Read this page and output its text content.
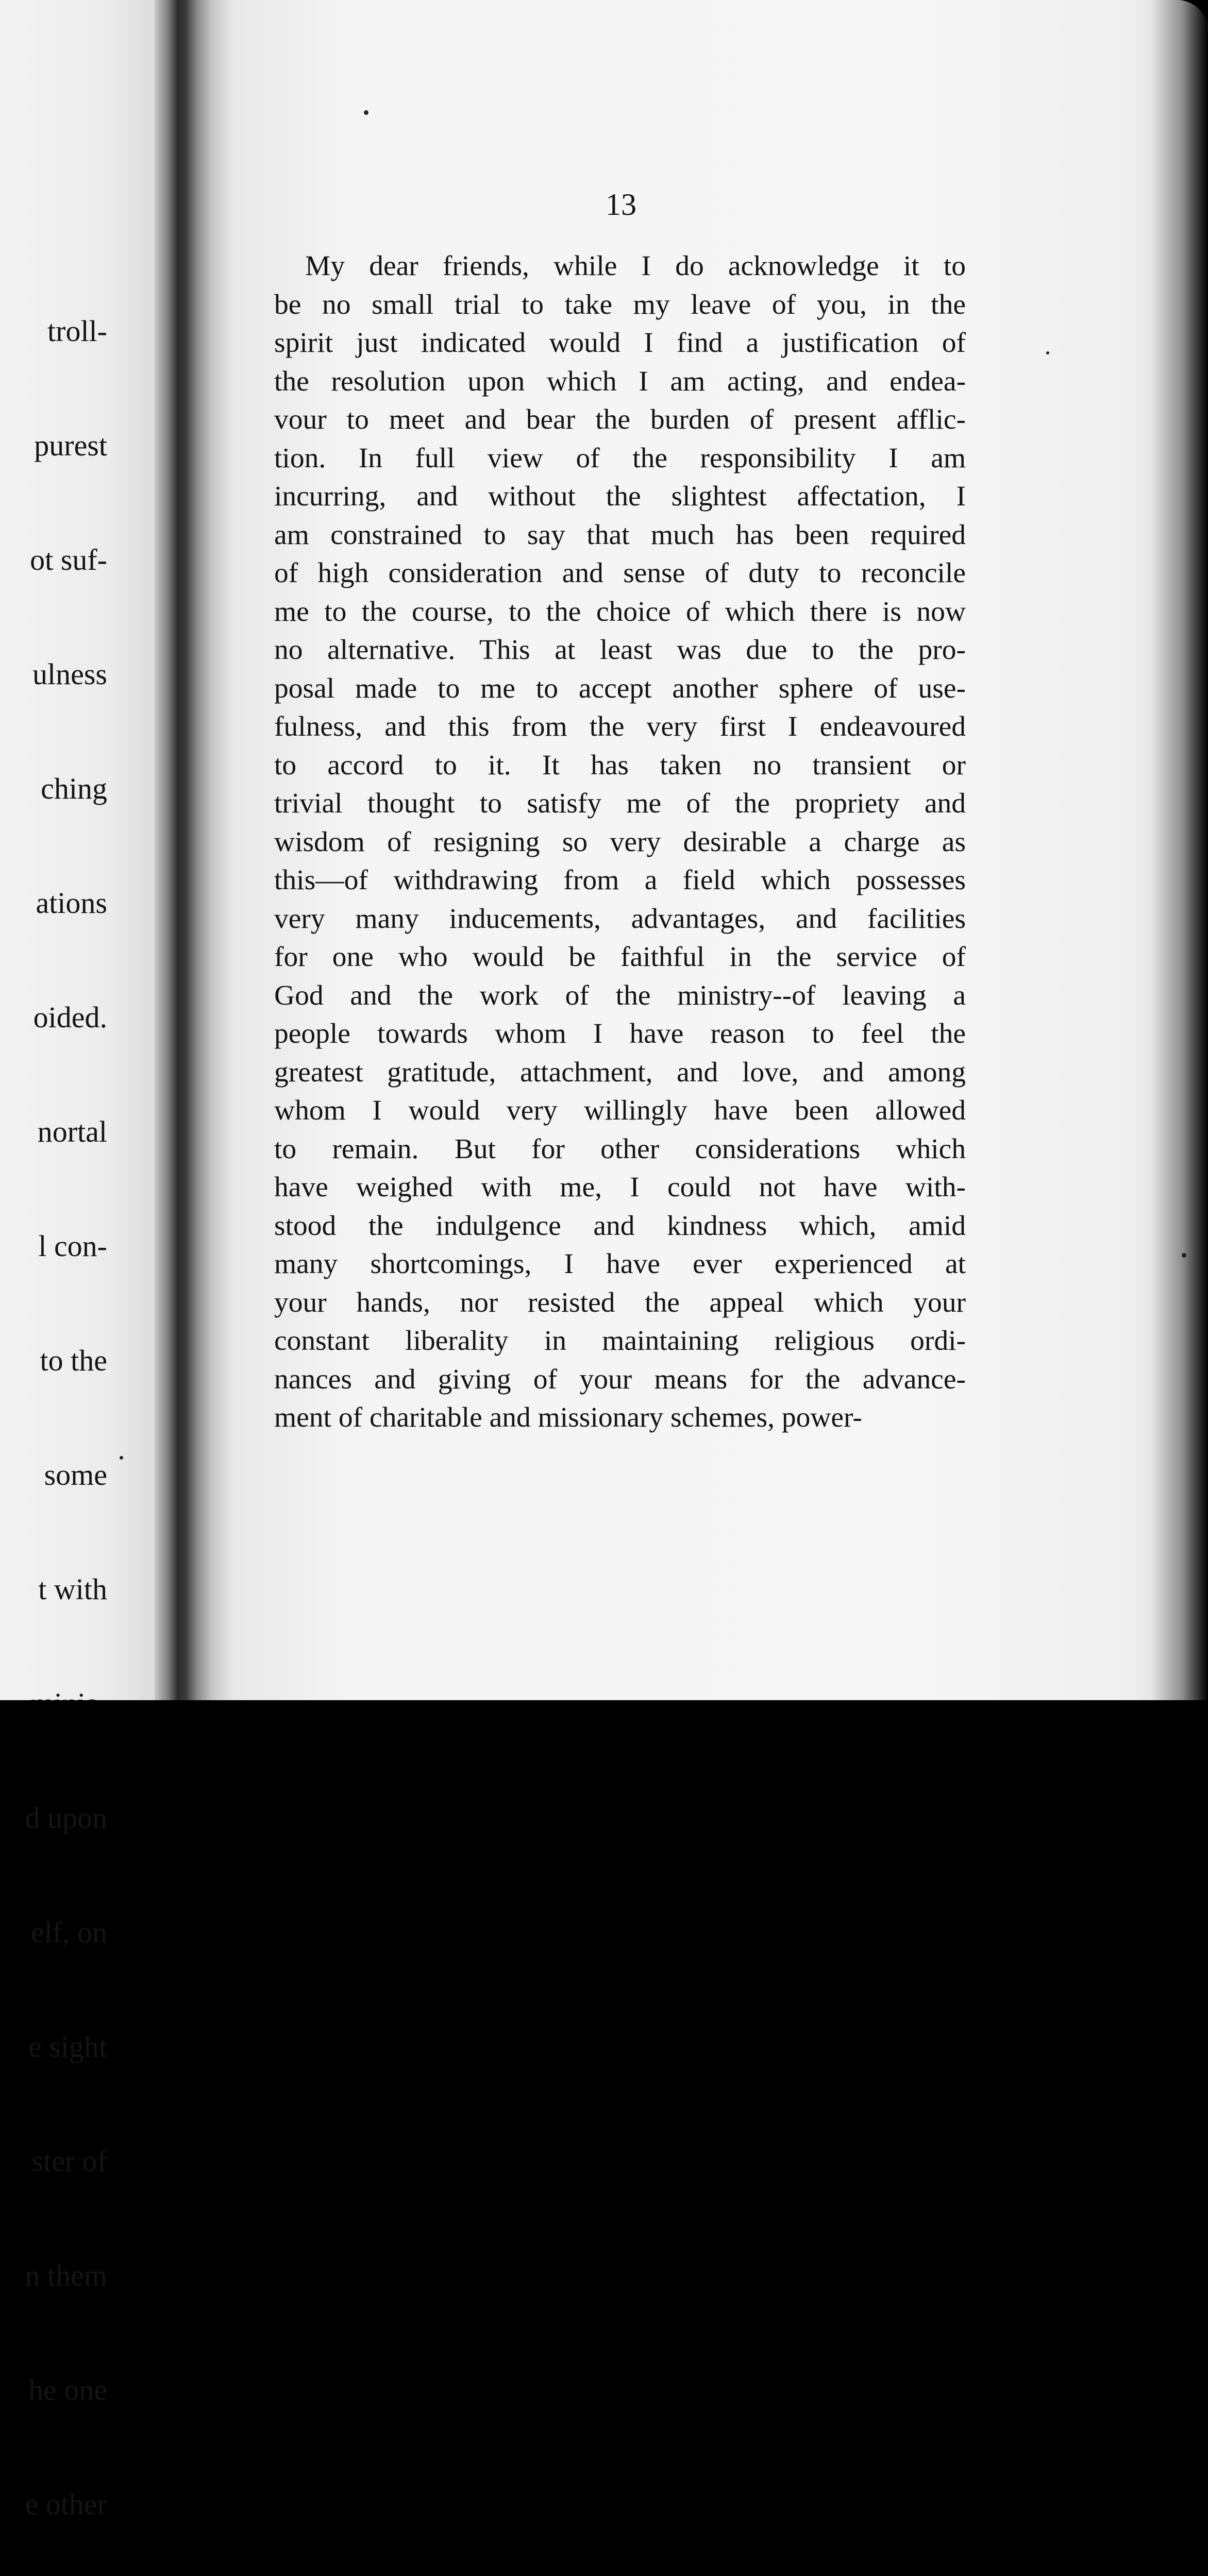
troll-

purest

ot suf-

ulness

ching

ations

oided.

nortal

l con-

to the

some

t with

d upon

elf, on

e sight

ster of

n them

he one

e other

13
My dear friends, while I do acknowledge it to
be no small trial to take my leave of you, in the
spirit just indicated would I find a justification of
the resolution upon which I am acting, and endea-
vour to meet and bear the burden of present afflic-
tion. In full view of the responsibility I am
incurring, and without the slightest affectation, I
am constrained to say that much has been required
of high consideration and sense of duty to reconcile
me to the course, to the choice of which there is now
no alternative. This at least was due to the pro-
posal made to me to accept another sphere of use-
fulness, and this from the very first I endeavoured
to accord to it. It has taken no transient or
trivial thought to satisfy me of the propriety and
wisdom of resigning so very desirable a charge as
this—of withdrawing from a field which possesses
very many inducements, advantages, and facilities
for one who would be faithful in the service of
God and the work of the ministry--of leaving a
people towards whom I have reason to feel the
greatest gratitude, attachment, and love, and among
whom I would very willingly have been allowed
to remain. But for other considerations which
have weighed with me, I could not have with-
stood the indulgence and kindness which, amid
many shortcomings, I have ever experienced at
your hands, nor resisted the appeal which your
constant liberality in maintaining religious ordi-
nances and giving of your means for the advance-
ment of charitable and missionary schemes, power-
